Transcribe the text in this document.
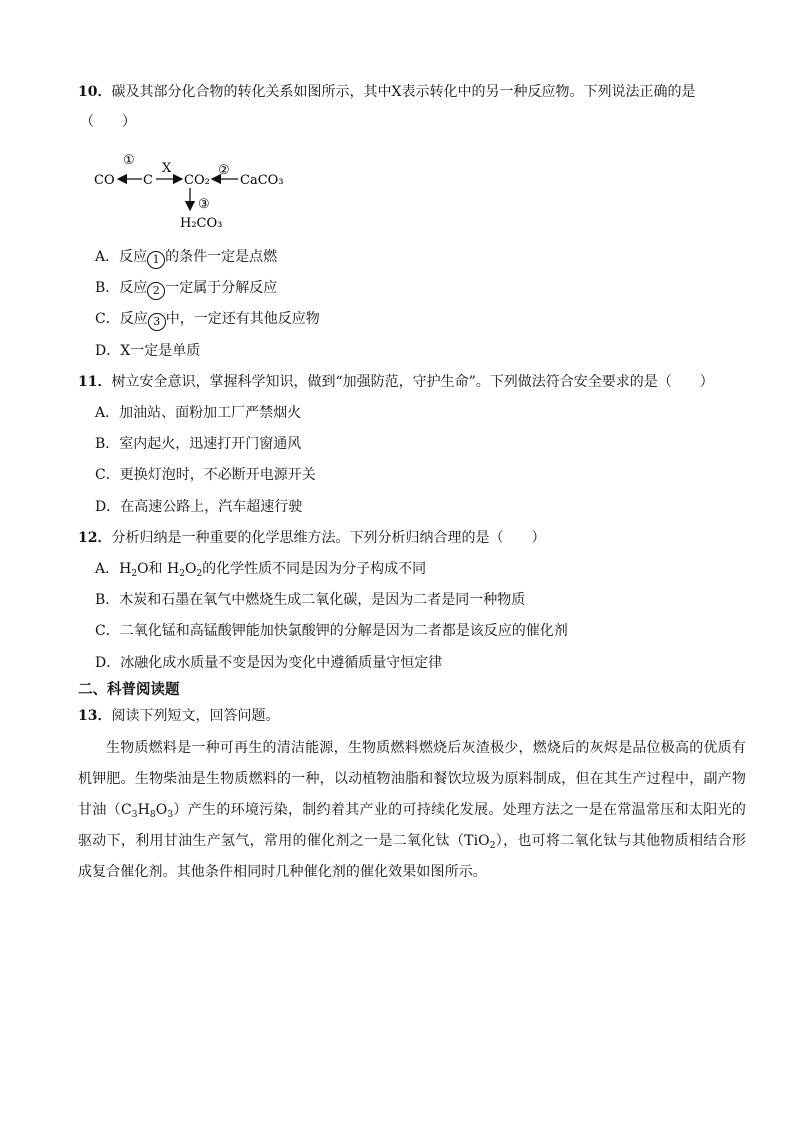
10．碳及其部分化合物的转化关系如图所示，其中X表示转化中的另一种反应物。下列说法正确的是
（　　）
CO
①
C
X
CO₂
②
CaCO₃
③
H₂CO₃
A．反应 1 的条件一定是点燃
B．反应 2 一定属于分解反应
C．反应 3 中，一定还有其他反应物
D．X一定是单质
11．树立安全意识，掌握科学知识，做到“加强防范，守护生命”。下列做法符合安全要求的是（　　）
A．加油站、面粉加工厂严禁烟火
B．室内起火，迅速打开门窗通风
C．更换灯泡时，不必断开电源开关
D．在高速公路上，汽车超速行驶
12．分析归纳是一种重要的化学思维方法。下列分析归纳合理的是（　　）
A．$H_2O$和 $H_2O_2$的化学性质不同是因为分子构成不同
B．木炭和石墨在氧气中燃烧生成二氧化碳，是因为二者是同一种物质
C．二氧化锰和高锰酸钾能加快氯酸钾的分解是因为二者都是该反应的催化剂
D．冰融化成水质量不变是因为变化中遵循质量守恒定律
二、科普阅读题
13．阅读下列短文，回答问题。
生物质燃料是一种可再生的清洁能源，生物质燃料燃烧后灰渣极少，燃烧后的灰烬是品位极高的优质有机钾肥。生物柴油是生物质燃料的一种，以动植物油脂和餐饮垃圾为原料制成，但在其生产过程中，副产物甘油$(C_3H_8O_3)$产生的环境污染，制约着其产业的可持续化发展。处理方法之一是在常温常压和太阳光的驱动下，利用甘油生产氢气，常用的催化剂之一是二氧化钛（TiO$_2$），也可将二氧化钛与其他物质相结合形成复合催化剂。其他条件相同时几种催化剂的催化效果如图所示。
